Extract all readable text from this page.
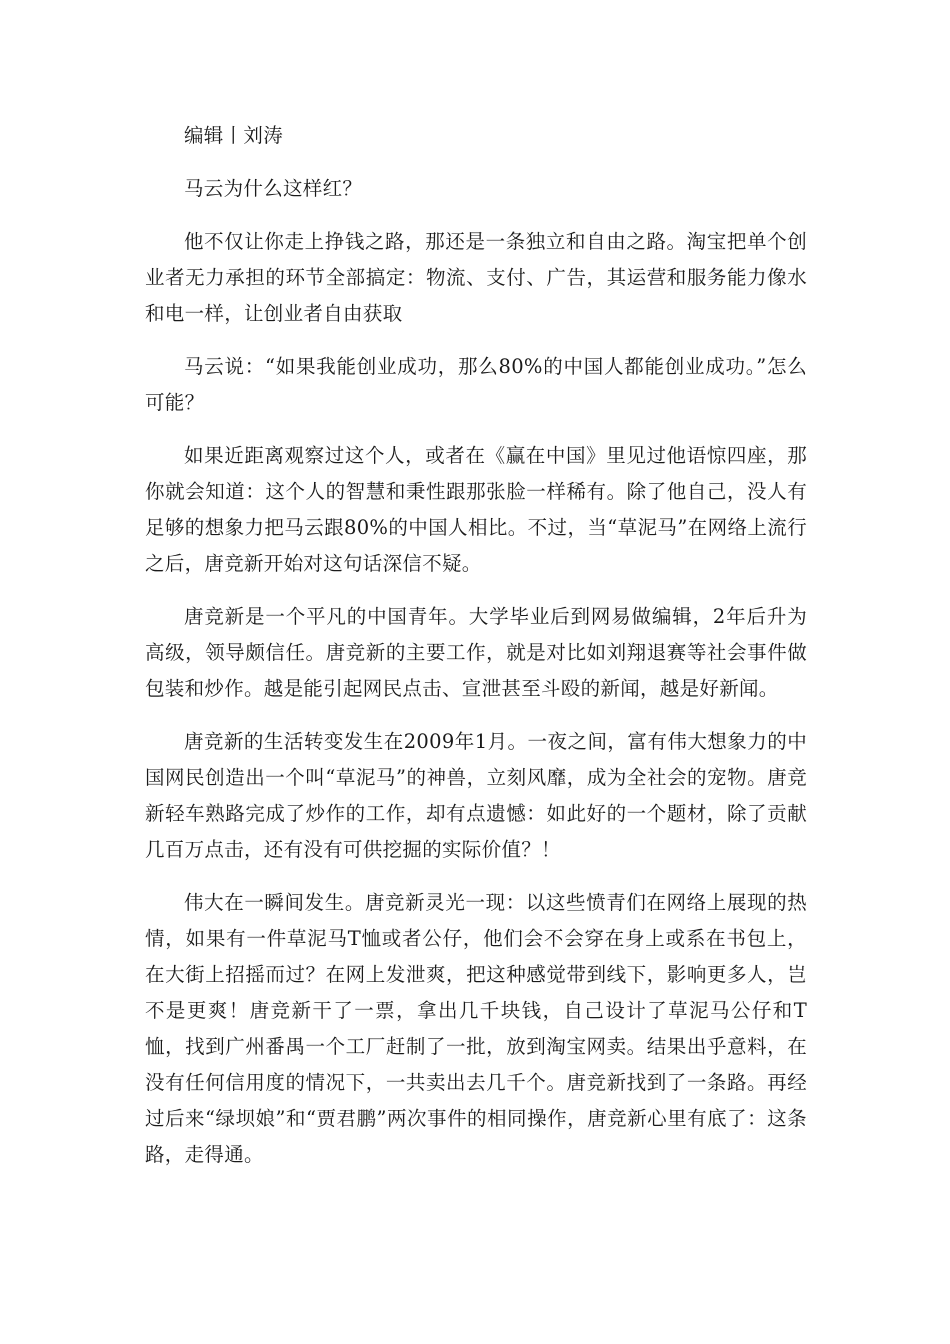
编辑丨刘涛

马云为什么这样红？

他不仅让你走上挣钱之路，那还是一条独立和自由之路。淘宝把单个创业者无力承担的环节全部搞定：物流、支付、广告，其运营和服务能力像水和电一样，让创业者自由获取

马云说：“如果我能创业成功，那么80%的中国人都能创业成功。”怎么可能？

如果近距离观察过这个人，或者在《赢在中国》里见过他语惊四座，那你就会知道：这个人的智慧和秉性跟那张脸一样稀有。除了他自己，没人有足够的想象力把马云跟80%的中国人相比。不过，当“草泥马”在网络上流行之后，唐竞新开始对这句话深信不疑。

唐竞新是一个平凡的中国青年。大学毕业后到网易做编辑，2年后升为高级，领导颇信任。唐竞新的主要工作，就是对比如刘翔退赛等社会事件做包装和炒作。越是能引起网民点击、宣泄甚至斗殴的新闻，越是好新闻。

唐竞新的生活转变发生在2009年1月。一夜之间，富有伟大想象力的中国网民创造出一个叫“草泥马”的神兽，立刻风靡，成为全社会的宠物。唐竞新轻车熟路完成了炒作的工作，却有点遗憾：如此好的一个题材，除了贡献几百万点击，还有没有可供挖掘的实际价值？！

伟大在一瞬间发生。唐竞新灵光一现：以这些愤青们在网络上展现的热情，如果有一件草泥马T恤或者公仔，他们会不会穿在身上或系在书包上，在大街上招摇而过？在网上发泄爽，把这种感觉带到线下，影响更多人，岂不是更爽！唐竞新干了一票，拿出几千块钱，自己设计了草泥马公仔和T恤，找到广州番禺一个工厂赶制了一批，放到淘宝网卖。结果出乎意料，在没有任何信用度的情况下，一共卖出去几千个。唐竞新找到了一条路。再经过后来“绿坝娘”和“贾君鹏”两次事件的相同操作，唐竞新心里有底了：这条路，走得通。
